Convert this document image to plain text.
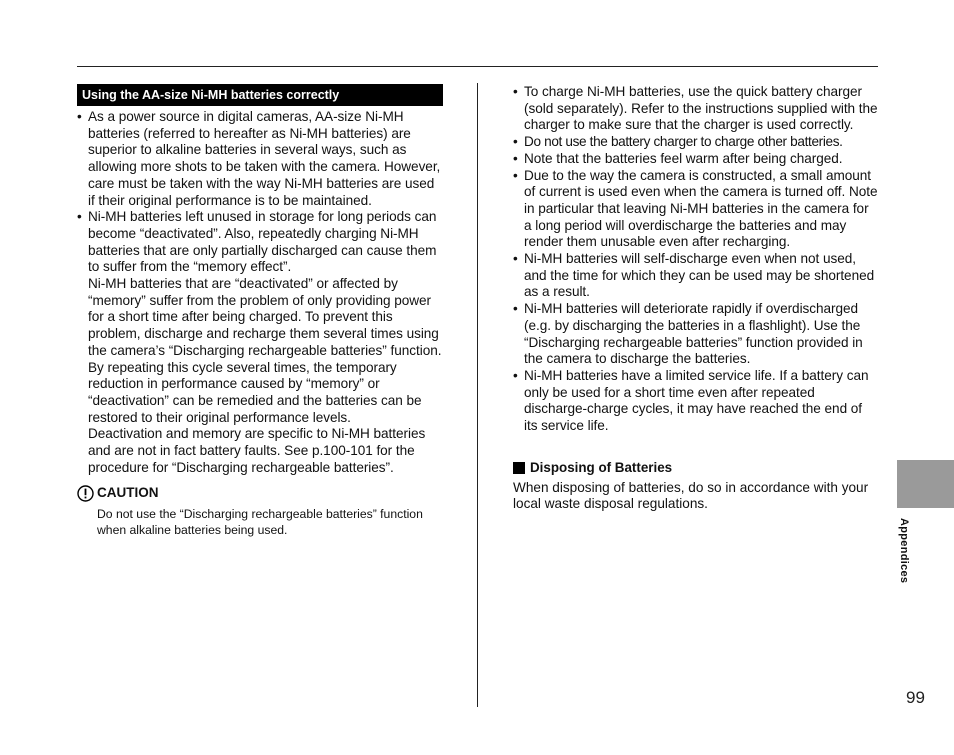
Using the AA-size Ni-MH batteries correctly
• As a power source in digital cameras, AA-size Ni-MH batteries (referred to hereafter as Ni-MH batteries) are superior to alkaline batteries in several ways, such as allowing more shots to be taken with the camera. However, care must be taken with the way Ni-MH batteries are used if their original performance is to be maintained.
• Ni-MH batteries left unused in storage for long periods can become “deactivated”. Also, repeatedly charging Ni-MH batteries that are only partially discharged can cause them to suffer from the “memory effect”.
Ni-MH batteries that are “deactivated” or affected by “memory” suffer from the problem of only providing power for a short time after being charged. To prevent this problem, discharge and recharge them several times using the camera’s “Discharging rechargeable batteries” function. By repeating this cycle several times, the temporary reduction in performance caused by “memory” or “deactivation” can be remedied and the batteries can be restored to their original performance levels.
Deactivation and memory are specific to Ni-MH batteries and are not in fact battery faults. See p.100-101 for the procedure for “Discharging rechargeable batteries”.
CAUTION
Do not use the “Discharging rechargeable batteries” function when alkaline batteries being used.
• To charge Ni-MH batteries, use the quick battery charger (sold separately). Refer to the instructions supplied with the charger to make sure that the charger is used correctly.
• Do not use the battery charger to charge other batteries.
• Note that the batteries feel warm after being charged.
• Due to the way the camera is constructed, a small amount of current is used even when the camera is turned off. Note in particular that leaving Ni-MH batteries in the camera for a long period will overdischarge the batteries and may render them unusable even after recharging.
• Ni-MH batteries will self-discharge even when not used, and the time for which they can be used may be shortened as a result.
• Ni-MH batteries will deteriorate rapidly if overdischarged (e.g. by discharging the batteries in a flashlight). Use the “Discharging rechargeable batteries” function provided in the camera to discharge the batteries.
• Ni-MH batteries have a limited service life. If a battery can only be used for a short time even after repeated discharge-charge cycles, it may have reached the end of its service life.
Disposing of Batteries
When disposing of batteries, do so in accordance with your local waste disposal regulations.
Appendices
99
